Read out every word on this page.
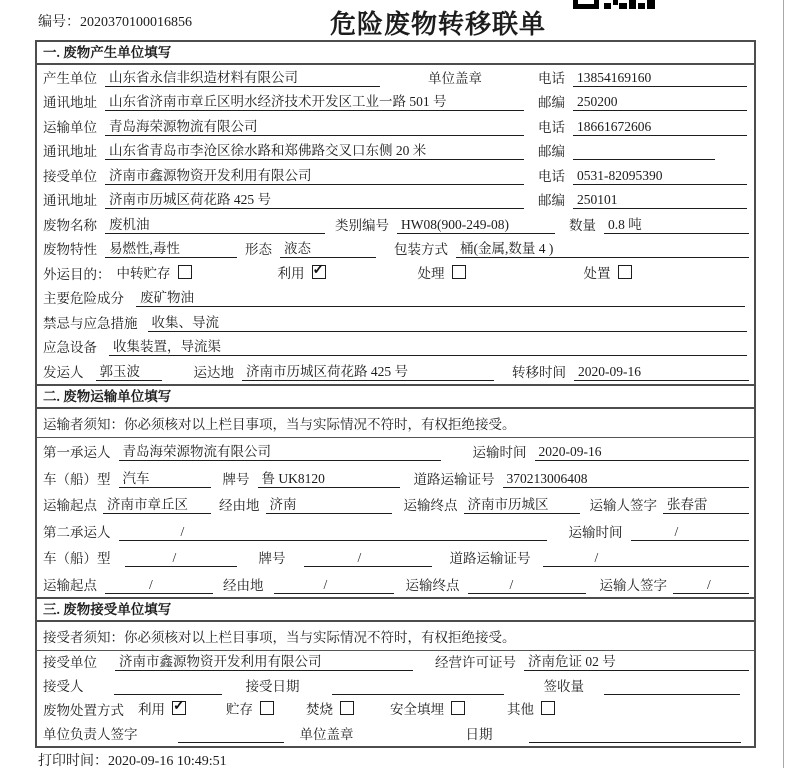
编号：2020370100016856	危险废物转移联单
一. 废物产生单位填写
产生单位 山东省永信非织造材料有限公司	单位盖章	电话 13854169160
通讯地址 山东省济南市章丘区明水经济技术开发区工业一路 501 号	邮编 250200
运输单位 青岛海荣源物流有限公司	电话 18661672606
通讯地址 山东省青岛市李沧区徐水路和郑佛路交叉口东侧 20 米	邮编
接受单位 济南市鑫源物资开发利用有限公司	电话 0531-82095390
通讯地址 济南市历城区荷花路 425 号	邮编 250101
废物名称 废机油	类别编号 HW08(900-249-08)	数量 0.8 吨
废物特性 易燃性,毒性	形态 液态	包装方式 桶(金属,数量 4 )
外运目的： 中转贮存	利用 ✓	处理	处置
主要危险成分 废矿物油
禁忌与应急措施 收集、导流
应急设备 收集装置，导流渠
发运人 郭玉波	运达地 济南市历城区荷花路 425 号	转移时间 2020-09-16
二. 废物运输单位填写
运输者须知：你必须核对以上栏目事项，当与实际情况不符时，有权拒绝接受。
第一承运人 青岛海荣源物流有限公司	运输时间 2020-09-16
车（船）型 汽车	牌号 鲁 UK8120	道路运输证号 370213006408
运输起点 济南市章丘区	经由地 济南	运输终点 济南市历城区	运输人签字 张春雷
第二承运人	/	运输时间	/
车（船）型	/	牌号	/	道路运输证号	/
运输起点	/	经由地	/	运输终点	/	运输人签字	/
三. 废物接受单位填写
接受者须知：你必须核对以上栏目事项，当与实际情况不符时，有权拒绝接受。
接受单位 济南市鑫源物资开发利用有限公司	经营许可证号 济南危证 02 号
接受人	接受日期	签收量
废物处置方式 利用 ✓	贮存	焚烧	安全填埋	其他
单位负责人签字	单位盖章	日期
打印时间：2020-09-16 10:49:51
